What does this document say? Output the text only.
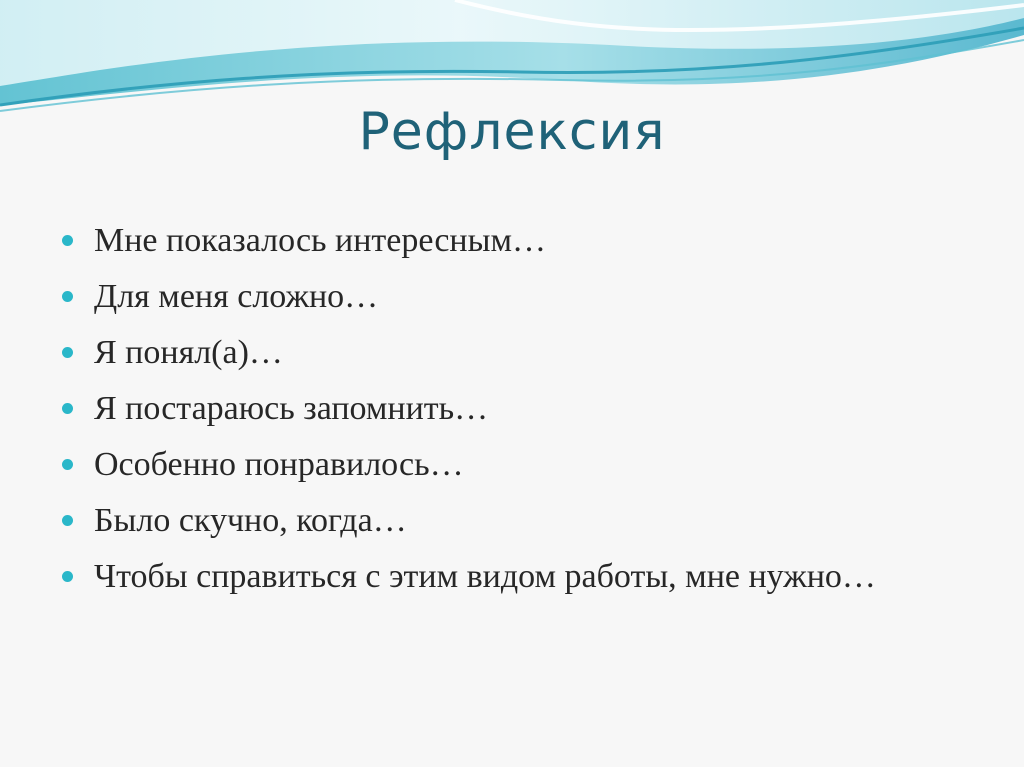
Рефлексия
Мне показалось интересным…
Для меня сложно…
Я понял(а)…
Я постараюсь запомнить…
Особенно понравилось…
Было скучно, когда…
Чтобы справиться с этим видом работы, мне нужно…
